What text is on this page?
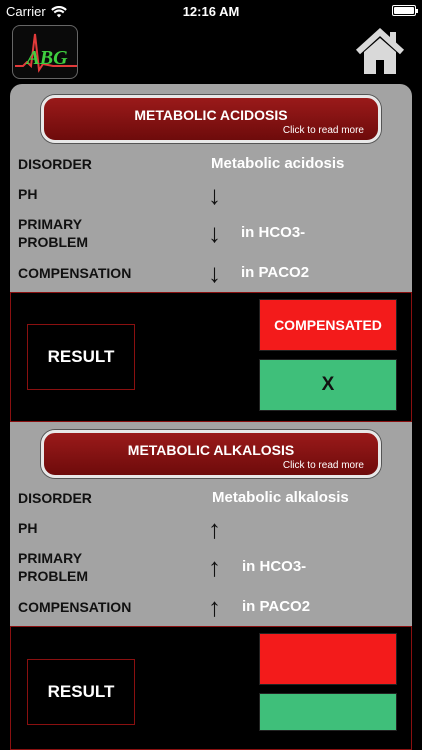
Carrier	12:16 AM
ABG
METABOLIC ACIDOSIS
Click to read more
DISORDER	Metabolic acidosis
PH	↓
PRIMARY
PROBLEM	↓ in HCO3-
COMPENSATION	↓ in PACO2
RESULT
COMPENSATED
X
METABOLIC ALKALOSIS
Click to read more
DISORDER	Metabolic alkalosis
PH	↑
PRIMARY
PROBLEM	↑ in HCO3-
COMPENSATION	↑ in PACO2
RESULT
